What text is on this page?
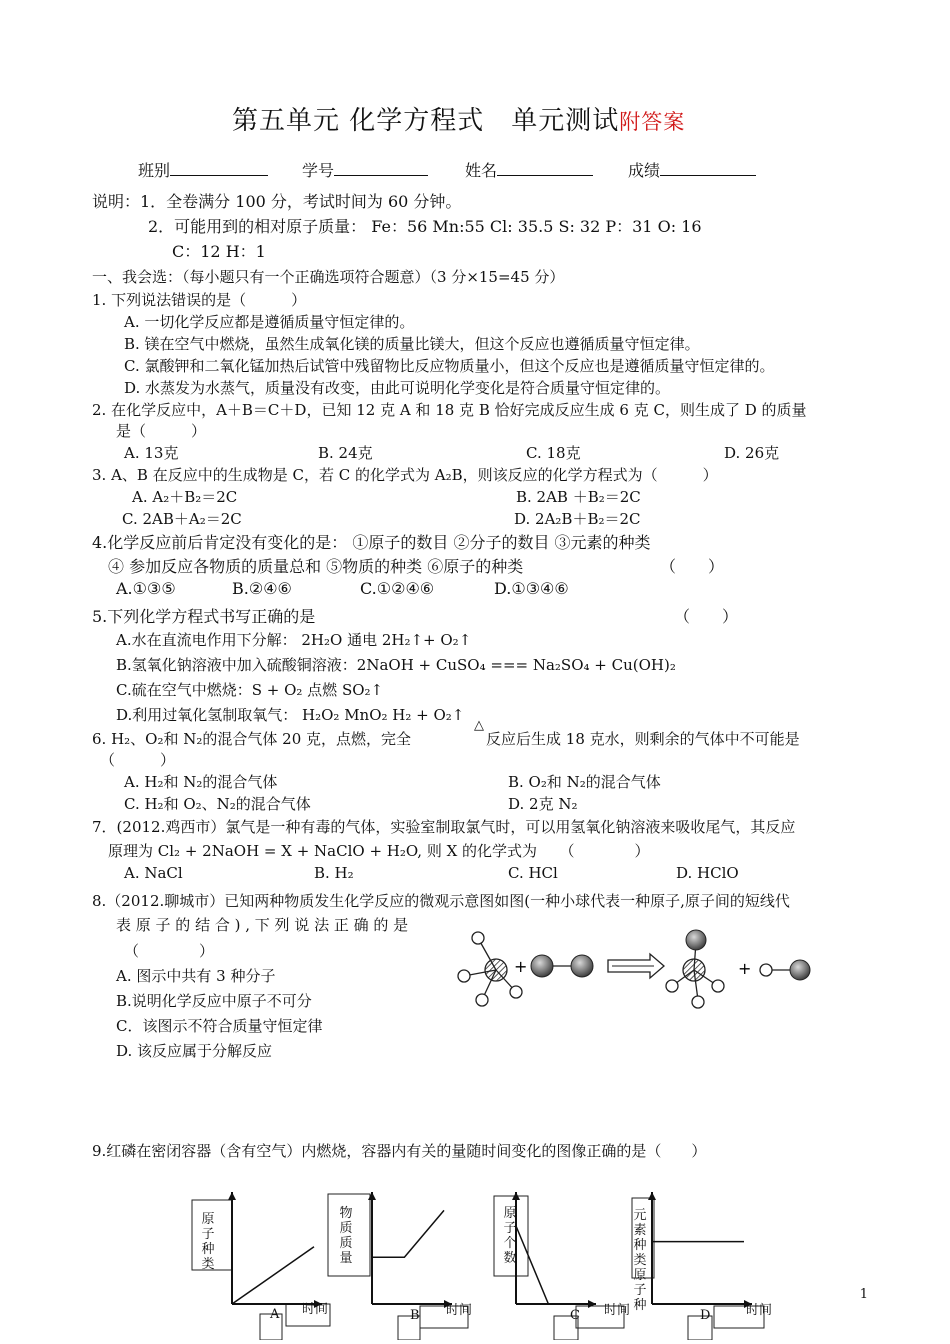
第五单元 化学方程式　单元测试附答案
班别	学号	姓名	成绩
说明：1．全卷满分 100 分，考试时间为 60 分钟。
2．可能用到的相对原子质量： Fe：56 Mn:55 Cl: 35.5 S: 32 P：31 O: 16
C：12 H：1
一、我会选：（每小题只有一个正确选项符合题意）（3 分×15=45 分）
1. 下列说法错误的是（　　　）
A. 一切化学反应都是遵循质量守恒定律的。
B. 镁在空气中燃烧，虽然生成氧化镁的质量比镁大，但这个反应也遵循质量守恒定律。
C. 氯酸钾和二氧化锰加热后试管中残留物比反应物质量小，但这个反应也是遵循质量守恒定律的。
D. 水蒸发为水蒸气，质量没有改变，由此可说明化学变化是符合质量守恒定律的。
2. 在化学反应中，A＋B＝C＋D，已知 12 克 A 和 18 克 B 恰好完成反应生成 6 克 C，则生成了 D 的质量
是（　　　）
A. 13克	B. 24克	C. 18克	D. 26克
3. A、B 在反应中的生成物是 C，若 C 的化学式为 A₂B，则该反应的化学方程式为（　　　）
A. A₂＋B₂＝2C	B. 2AB ＋B₂＝2C
C. 2AB＋A₂＝2C	D. 2A₂B＋B₂＝2C
4.化学反应前后肯定没有变化的是： ①原子的数目 ②分子的数目 ③元素的种类
④ 参加反应各物质的质量总和 ⑤物质的种类 ⑥原子的种类	（　　）
A.①③⑤	B.②④⑥	C.①②④⑥	D.①③④⑥
5.下列化学方程式书写正确的是	（　　）
A.水在直流电作用下分解： 2H₂O 通电 2H₂↑+ O₂↑
B.氢氧化钠溶液中加入硫酸铜溶液：2NaOH + CuSO₄ === Na₂SO₄ + Cu(OH)₂
C.硫在空气中燃烧：S + O₂ 点燃 SO₂↑
D.利用过氧化氢制取氧气： H₂O₂ MnO₂ H₂ + O₂↑
△
6. H₂、O₂和 N₂的混合气体 20 克，点燃，完全　　　　　反应后生成 18 克水，则剩余的气体中不可能是
（　　　）
A. H₂和 N₂的混合气体	B. O₂和 N₂的混合气体
C. H₂和 O₂、N₂的混合气体	D. 2克 N₂
7．(2012.鸡西市）氯气是一种有毒的气体，实验室制取氯气时，可以用氢氧化钠溶液来吸收尾气，其反应
原理为 Cl₂ + 2NaOH = X + NaClO + H₂O, 则 X 的化学式为　　（　　　　）
A. NaCl	B. H₂	C. HCl	D. HClO
8.（2012.聊城市）已知两种物质发生化学反应的微观示意图如图(一种小球代表一种原子,原子间的短线代
表 原 子 的 结 合 ) , 下 列 说 法 正 确 的 是
（　　　　）
A. 图示中共有 3 种分子
B.说明化学反应中原子不可分
C．该图示不符合质量守恒定律
D. 该反应属于分解反应
+	+
9.红磷在密闭容器（含有空气）内燃烧，容器内有关的量随时间变化的图像正确的是（　　）
原子种类
物质质量
原子个数
元素种类 原子种
时间	时间	时间	时间
A	B	C	D
1
